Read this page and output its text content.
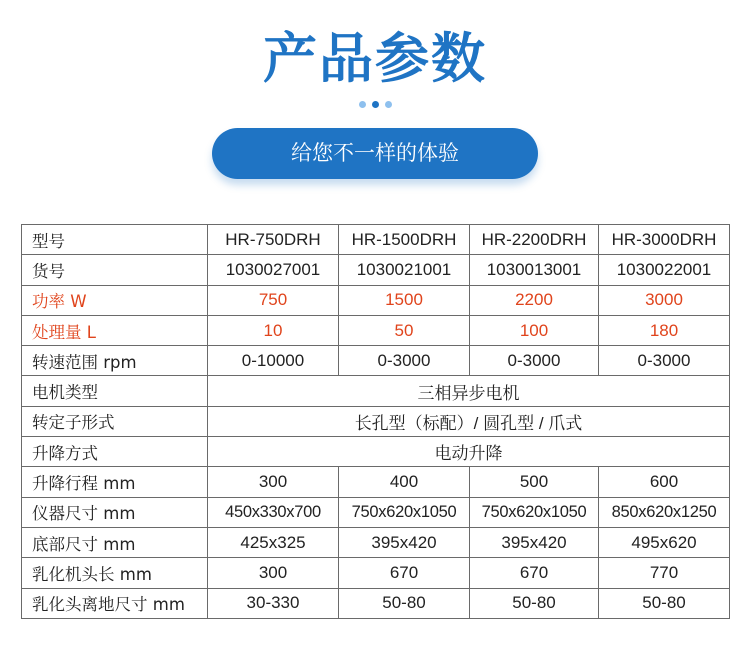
产品参数
给您不一样的体验
型号	HR-750DRH	HR-1500DRH	HR-2200DRH	HR-3000DRH
货号	1030027001	1030021001	1030013001	1030022001
功率 W	750	1500	2200	3000
处理量 L	10	50	100	180
转速范围 rpm	0-10000	0-3000	0-3000	0-3000
电机类型	三相异步电机			
转定子形式	长孔型（标配）/ 圆孔型 / 爪式			
升降方式	电动升降			
升降行程 mm	300	400	500	600
仪器尺寸 mm	450x330x700	750x620x1050	750x620x1050	850x620x1250
底部尺寸 mm	425x325	395x420	395x420	495x620
乳化机头长 mm	300	670	670	770
乳化头离地尺寸 mm	30-330	50-80	50-80	50-80
